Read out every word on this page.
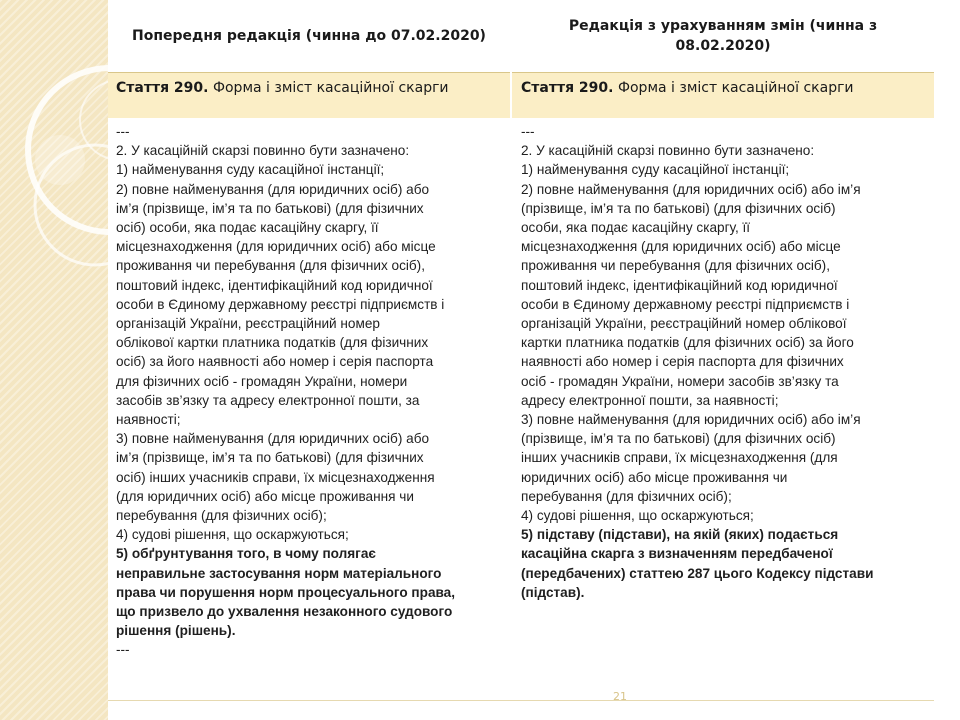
Попередня редакція (чинна до 07.02.2020)
Редакція з урахуванням змін (чинна з 08.02.2020)
Стаття 290. Форма і зміст касаційної скарги	Стаття 290. Форма і зміст касаційної скарги
---
2. У касаційній скарзі повинно бути зазначено:
1) найменування суду касаційної інстанції;
2) повне найменування (для юридичних осіб) або
ім’я (прізвище, ім’я та по батькові) (для фізичних
осіб) особи, яка подає касаційну скаргу, її
місцезнаходження (для юридичних осіб) або місце
проживання чи перебування (для фізичних осіб),
поштовий індекс, ідентифікаційний код юридичної
особи в Єдиному державному реєстрі підприємств і
організацій України, реєстраційний номер
облікової картки платника податків (для фізичних
осіб) за його наявності або номер і серія паспорта
для фізичних осіб - громадян України, номери
засобів зв’язку та адресу електронної пошти, за
наявності;
3) повне найменування (для юридичних осіб) або
ім’я (прізвище, ім’я та по батькові) (для фізичних
осіб) інших учасників справи, їх місцезнаходження
(для юридичних осіб) або місце проживання чи
перебування (для фізичних осіб);
4) судові рішення, що оскаржуються;
5) обґрунтування того, в чому полягає
неправильне застосування норм матеріального
права чи порушення норм процесуального права,
що призвело до ухвалення незаконного судового
рішення (рішень).
---
---
2. У касаційній скарзі повинно бути зазначено:
1) найменування суду касаційної інстанції;
2) повне найменування (для юридичних осіб) або ім’я
(прізвище, ім’я та по батькові) (для фізичних осіб)
особи, яка подає касаційну скаргу, її
місцезнаходження (для юридичних осіб) або місце
проживання чи перебування (для фізичних осіб),
поштовий індекс, ідентифікаційний код юридичної
особи в Єдиному державному реєстрі підприємств і
організацій України, реєстраційний номер облікової
картки платника податків (для фізичних осіб) за його
наявності або номер і серія паспорта для фізичних
осіб - громадян України, номери засобів зв’язку та
адресу електронної пошти, за наявності;
3) повне найменування (для юридичних осіб) або ім’я
(прізвище, ім’я та по батькові) (для фізичних осіб)
інших учасників справи, їх місцезнаходження (для
юридичних осіб) або місце проживання чи
перебування (для фізичних осіб);
4) судові рішення, що оскаржуються;
5) підставу (підстави), на якій (яких) подається
касаційна скарга з визначенням передбаченої
(передбачених) статтею 287 цього Кодексу підстави
(підстав).
21
